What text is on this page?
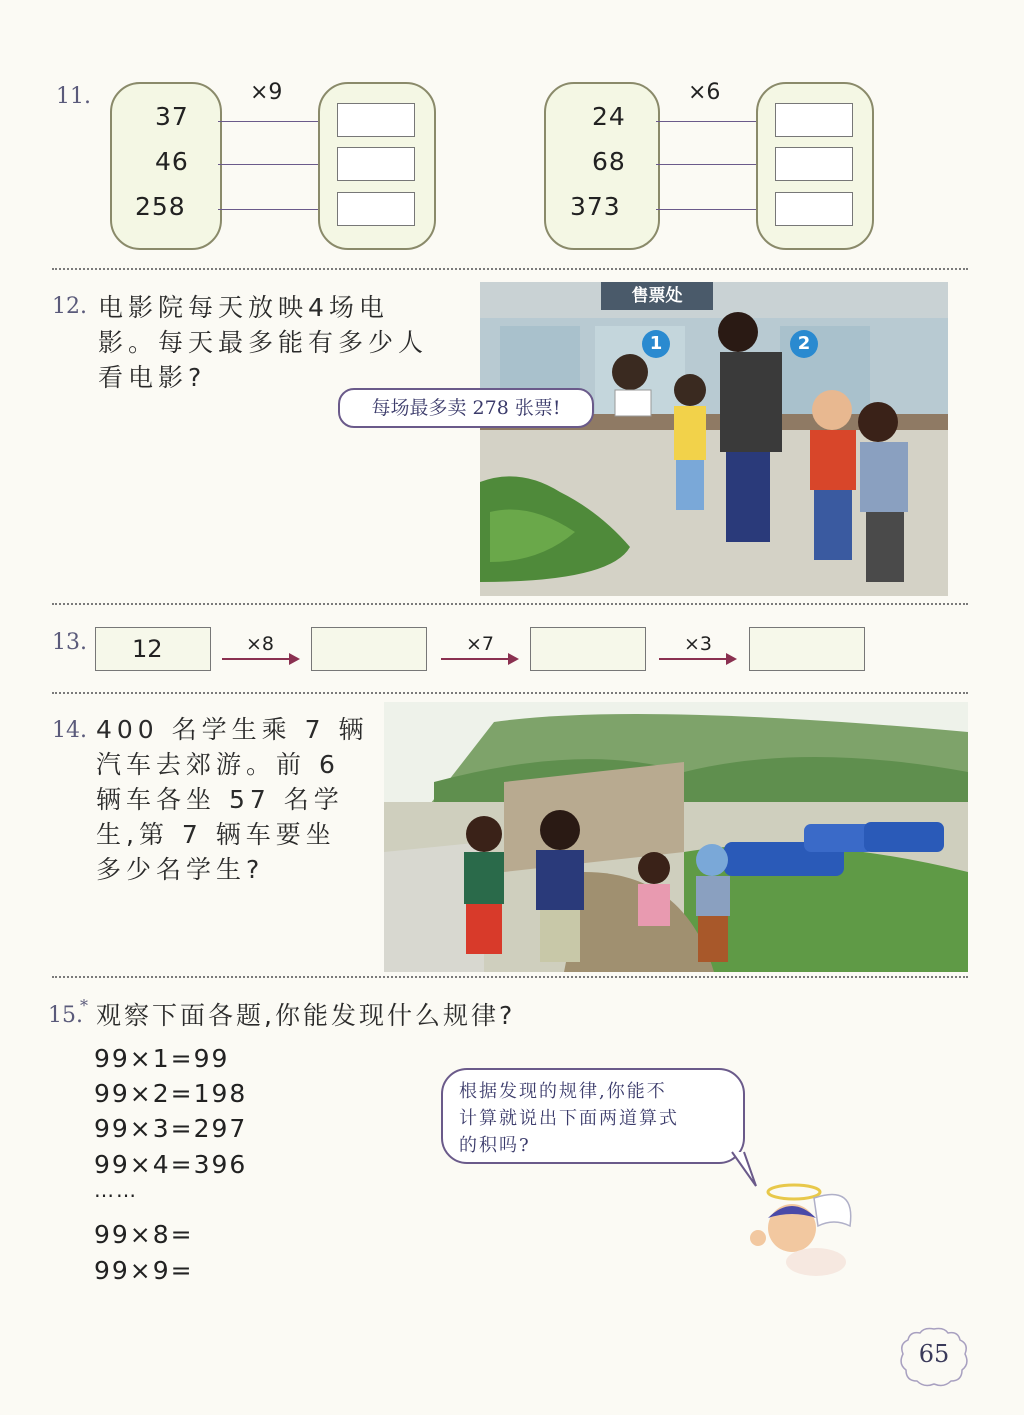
11.	×9
37
46
258
×6
24
68
373
12. 电影院每天放映4场电
影。每天最多能有多少人
看电影?
售票处
1	2
每场最多卖 278 张票!
13.	12	×8	×7	×3
14. 400 名学生乘 7 辆
汽车去郊游。前 6
辆车各坐 57 名学
生,第 7 辆车要坐
多少名学生?
15.
* 观察下面各题,你能发现什么规律?
99×1=99
99×2=198
99×3=297
99×4=396
……
99×8=
99×9=
根据发现的规律,你能不
计算就说出下面两道算式
的积吗?
65
